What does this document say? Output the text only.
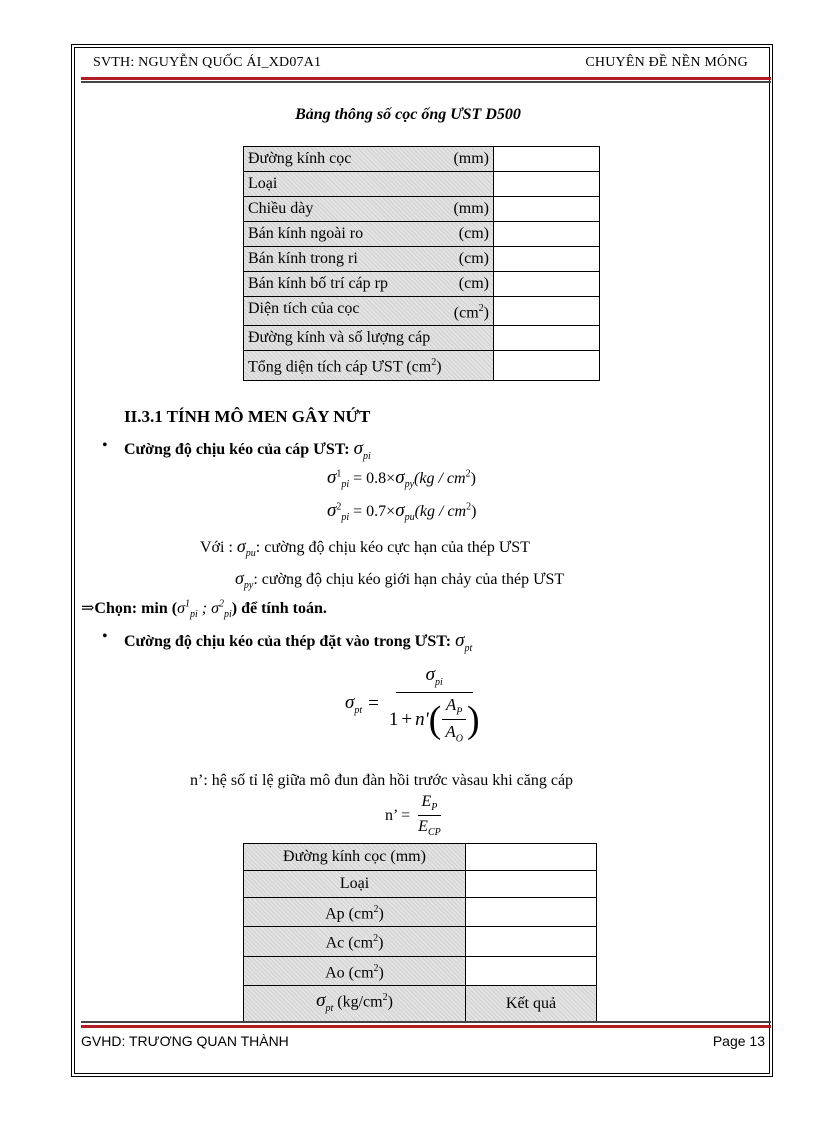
SVTH: NGUYỄN QUỐC ÁI_XD07A1	CHUYÊN ĐỀ NỀN MÓNG
Bảng thông số cọc ống ƯST D500
Đường kính cọc (mm)	

Loại	

Chiều dày (mm)	

Bán kính ngoài ro (cm)	

Bán kính trong ri (cm)	

Bán kính bố trí cáp rp (cm)	

Diện tích của cọc $(cm^2)$	

Đường kính và số lượng cáp	

Tổng diện tích cáp ƯST $(cm^2)$	

II.3.1 TÍNH MÔ MEN GÂY NỨT
• Cường độ chịu kéo của cáp ƯST: $\sigma_{pi}$
$\sigma^1_{pi} = 0.8\times\sigma_{py}(kg / cm^2)$
$\sigma^2_{pi} = 0.7\times\sigma_{pu}(kg / cm^2)$
Với : $\sigma_{pu}$: cường độ chịu kéo cực hạn của thép ƯST
$\sigma_{py}$: cường độ chịu kéo giới hạn chảy của thép ƯST
⇒Chọn: $\min (\sigma^1_{pi}$ ; $\sigma^2_{pi}$) để tính toán.
• Cường độ chịu kéo của thép đặt vào trong ƯST: $\sigma_{pt}$
$\sigma_{pt} = \frac{\sigma_{pi}}{1 + n' ( \frac{A_P}{A_O} )}$
n’: hệ số tỉ lệ giữa mô đun đàn hồi trước vàsau khi căng cáp
n’ = $\frac{E_P}{E_{CP}}$
Đường kính cọc (mm)	
Loại	
Ap $(cm^2)$	
Ac $(cm^2)$	
Ao $(cm^2)$	
$\sigma_{pt}$ $(kg/cm^2)$	Kết quả
GVHD: TRƯƠNG QUAN THÀNH	Page 13
